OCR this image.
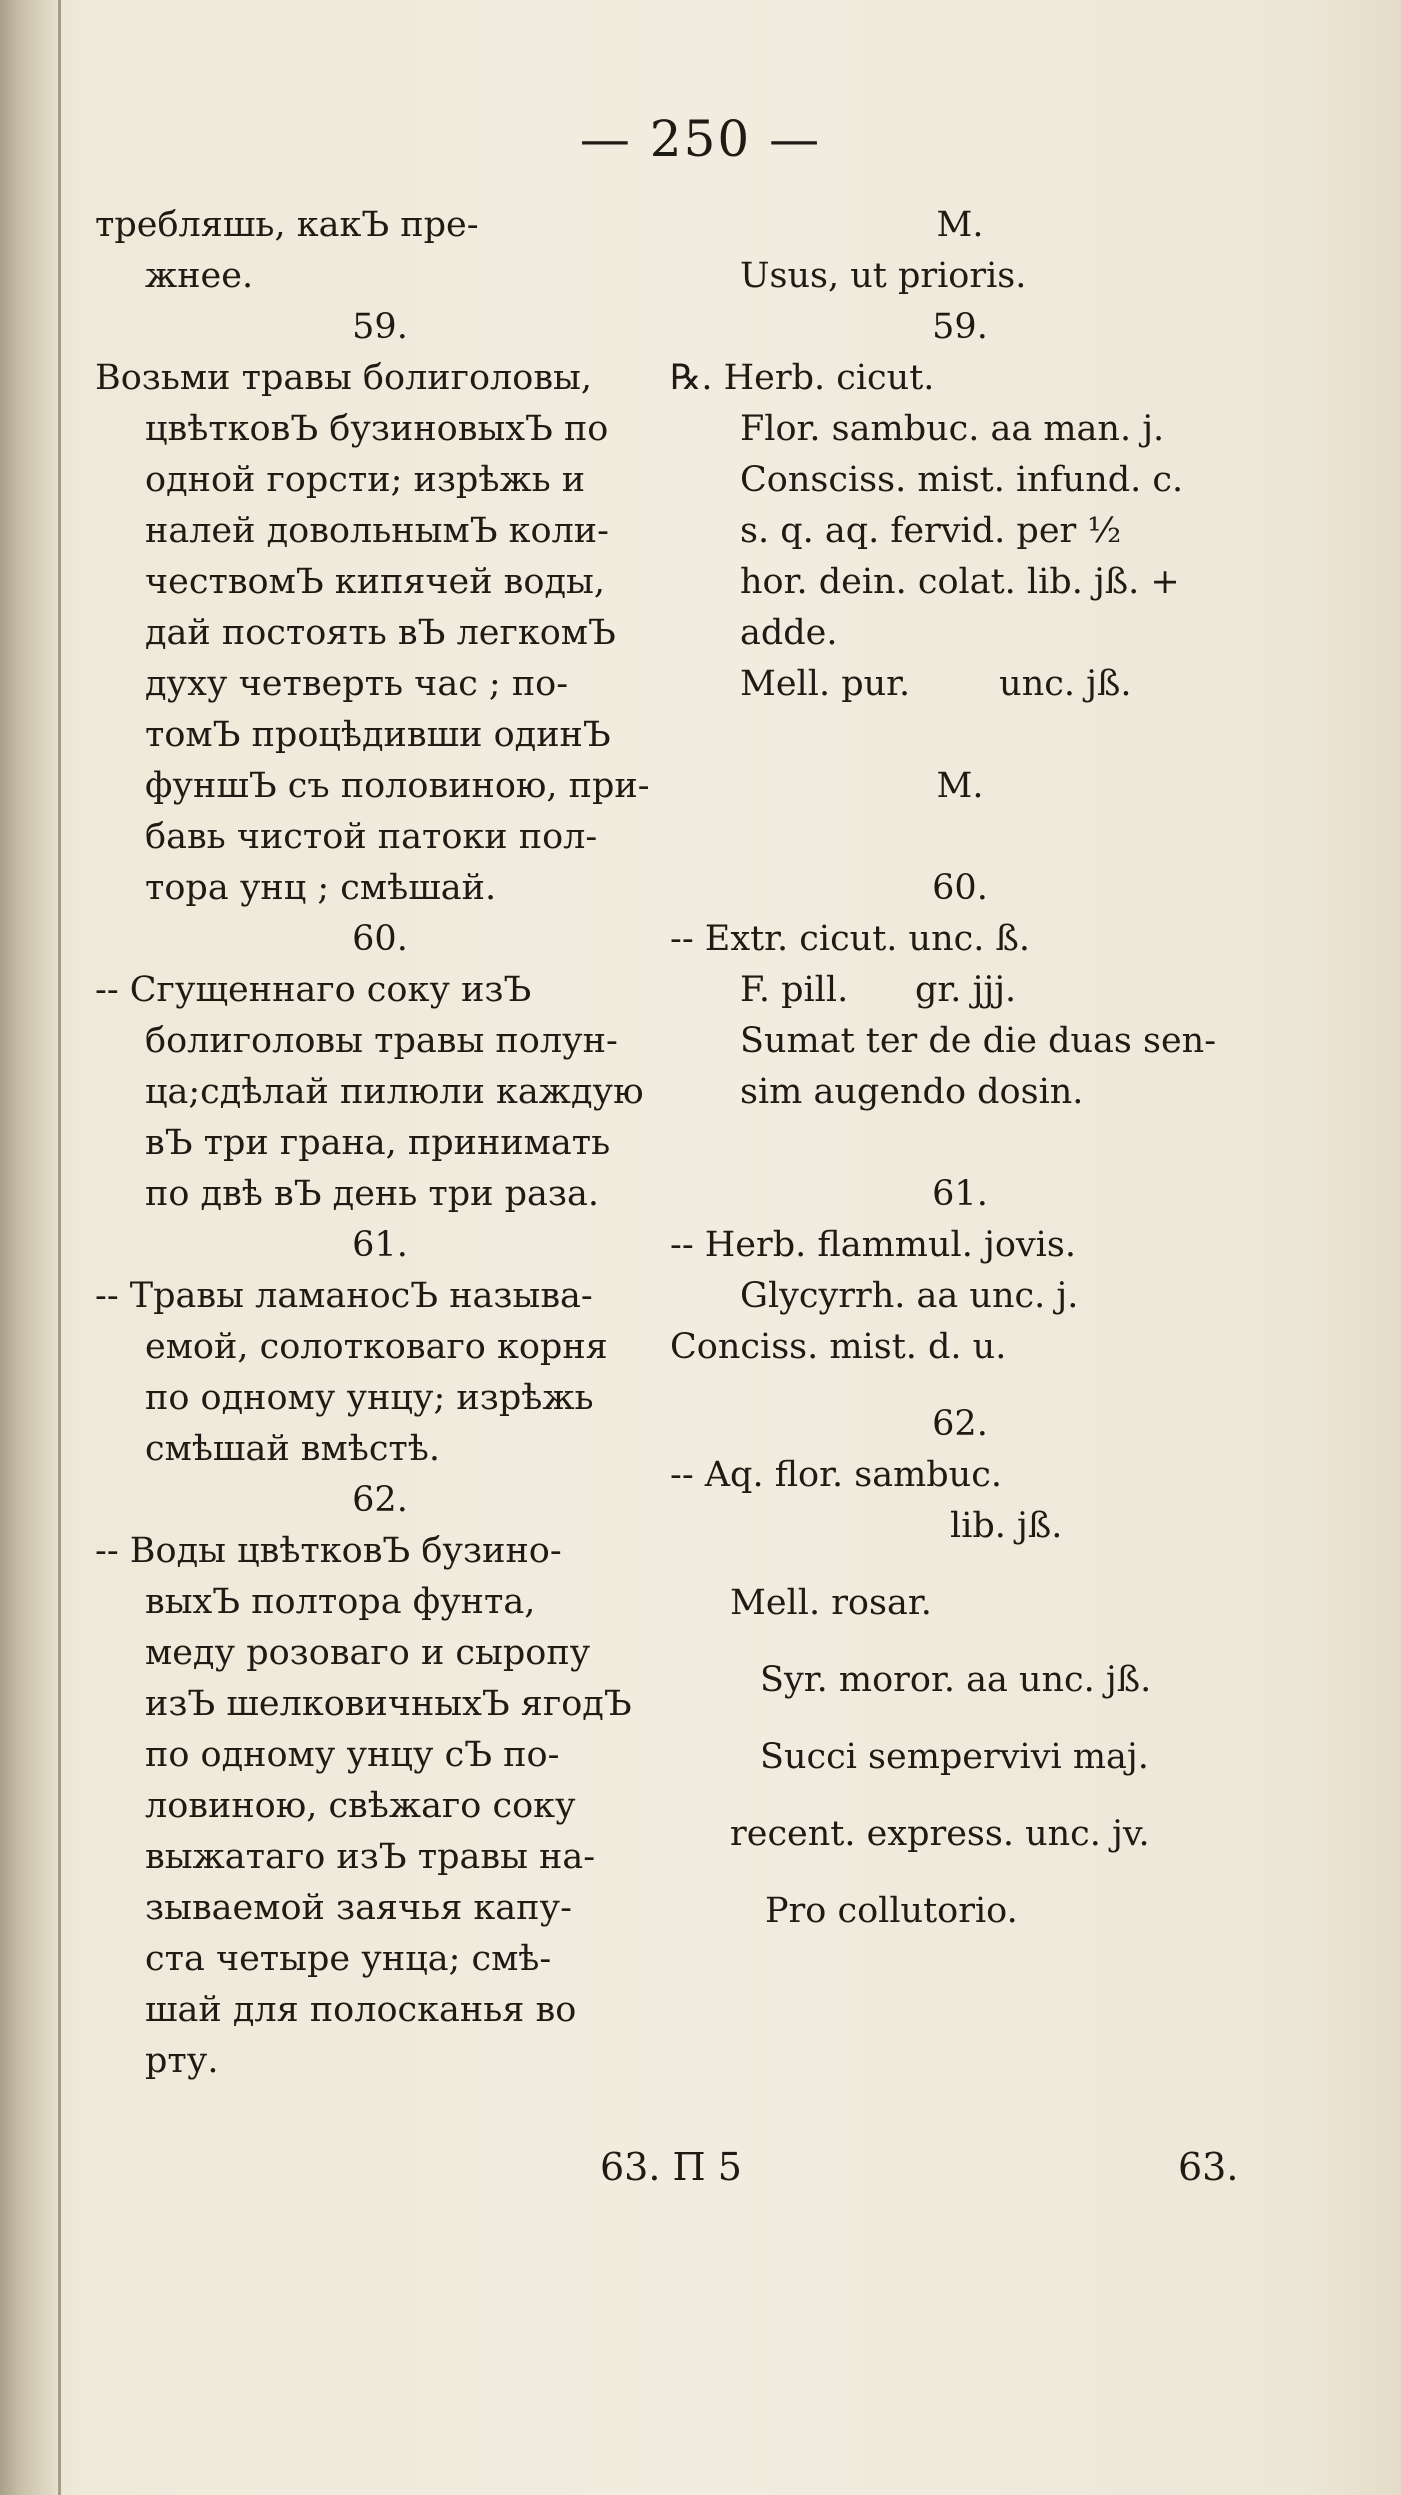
— 250 —
требляшь, какЪ пре-
жнее.
59.
Возьми травы болиголовы,
цвѣтковЪ бузиновыхЪ по
одной горсти; изрѣжь и
налей довольнымЪ коли-
чествомЪ кипячей воды,
дай постоять вЪ легкомЪ
духу четверть час ; по-
томЪ процѣдивши одинЪ
фуншЪ съ половиною, при-
бавь чистой патоки пол-
тора унц ; смѣшай.
60.
-- Сгущеннаго соку изЪ
болиголовы травы полун-
ца;сдѣлай пилюли каждую
вЪ три грана, принимать
по двѣ вЪ день три раза.
61.
-- Травы ламаносЪ называ-
емой, солотковаго корня
по одному унцу; изрѣжь
смѣшай вмѣстѣ.
62.
-- Воды цвѣтковЪ бузино-
выхЪ полтора фунта,
меду розоваго и сыропу
изЪ шелковичныхЪ ягодЪ
по одному унцу сЪ по-
ловиною, свѣжаго соку
выжатаго изЪ травы на-
зываемой заячья капу-
ста четыре унца; смѣ-
шай для полосканья во
рту.
M.
Usus, ut prioris.
59.
℞. Herb. cicut.
Flor. sambuc. aa man. j.
Consciss. mist. infund. c.
s. q. aq. fervid. per ½
hor. dein. colat. lib. jß. +
adde.
Mell. pur.        unc. jß.
M.
60.
-- Extr. cicut. unc. ß.
F. pill.      gr. jjj.
Sumat ter de die duas sen-
sim augendo dosin.
61.
-- Herb. flammul. jovis.
Glycyrrh. aa unc. j.
Conciss. mist. d. u.
62.
-- Aq. flor. sambuc.
lib. jß.
Mell. rosar.
Syr. moror. aa unc. jß.
Succi sempervivi maj.
recent. express. unc. jv.
Pro collutorio.
63. П 5	63.
